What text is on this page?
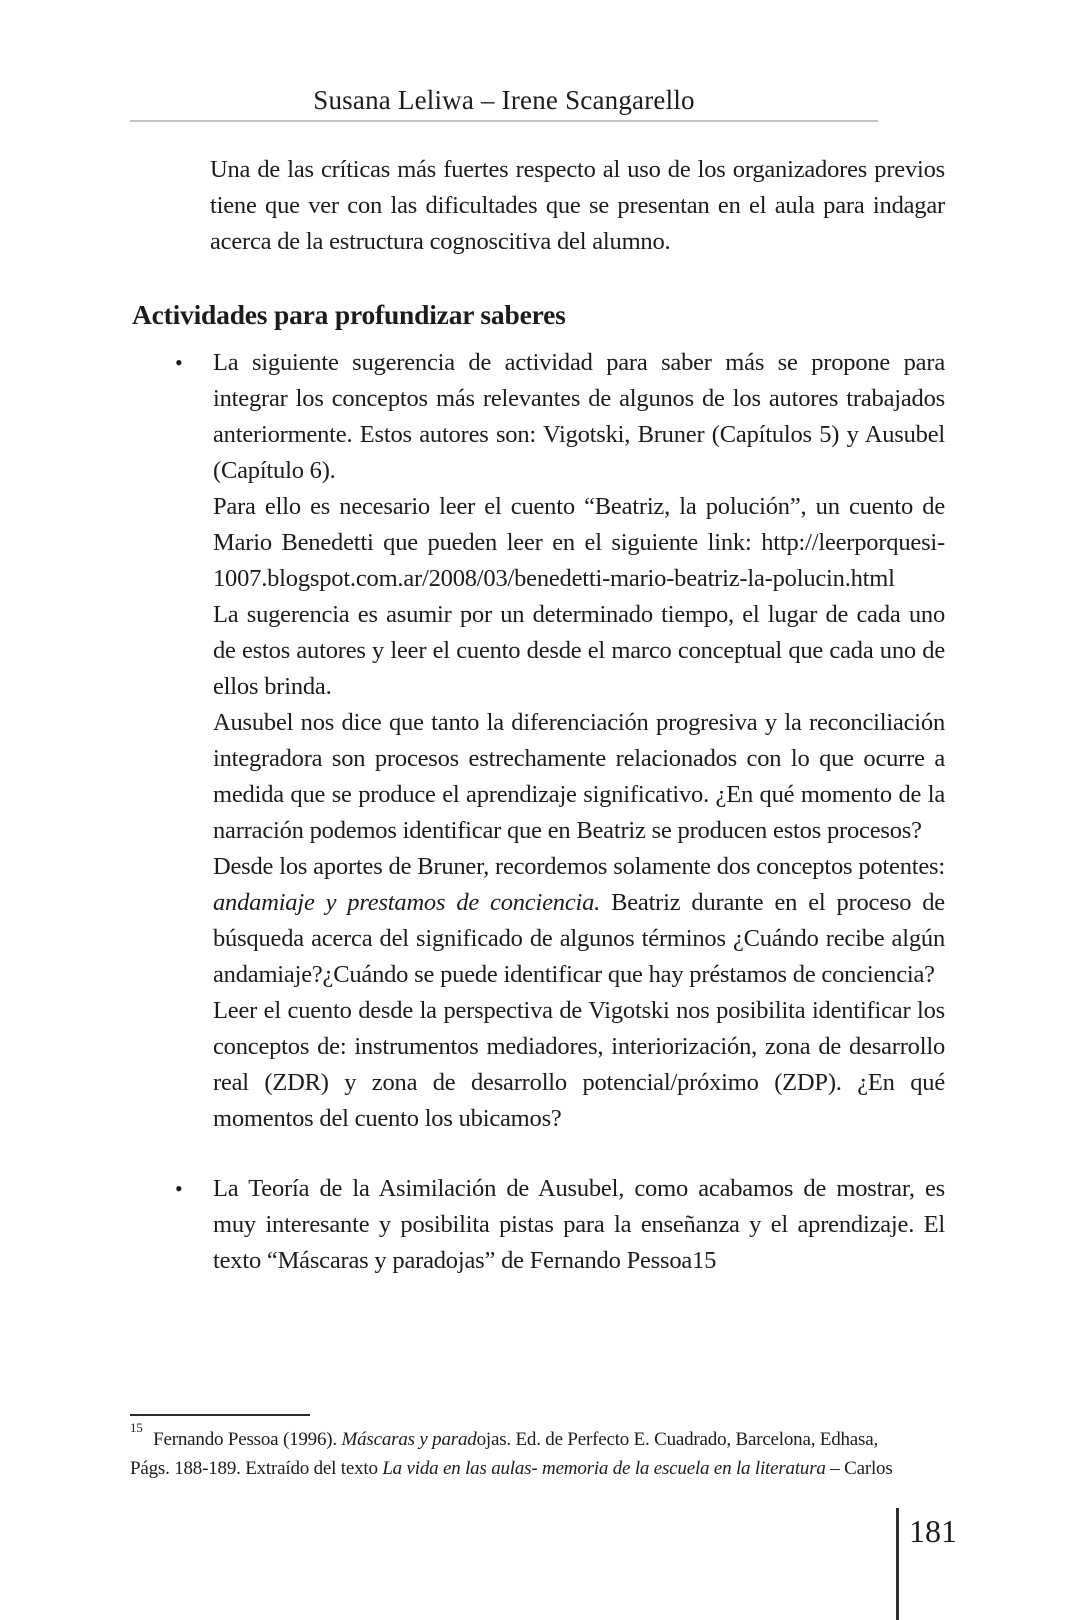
Susana Leliwa – Irene Scangarello

Una de las críticas más fuertes respecto al uso de los organizadores previos tiene que ver con las dificultades que se presentan en el aula para indagar acerca de la estructura cognoscitiva del alumno.

Actividades para profundizar saberes
•	La siguiente sugerencia de actividad para saber más se propone para integrar los conceptos más relevantes de algunos de los autores trabajados anteriormente. Estos autores son: Vigotski, Bruner (Capítulos 5) y Ausubel (Capítulo 6).

Para ello es necesario leer el cuento “Beatriz, la polución”, un cuento de Mario Benedetti que pueden leer en el siguiente link: http://leerporquesi-1007.blogspot.com.ar/2008/03/benedetti-mario-beatriz-la-polucin.html

La sugerencia es asumir por un determinado tiempo, el lugar de cada uno de estos autores y leer el cuento desde el marco conceptual que cada uno de ellos brinda.

Ausubel nos dice que tanto la diferenciación progresiva y la reconciliación integradora son procesos estrechamente relacionados con lo que ocurre a medida que se produce el aprendizaje significativo. ¿En qué momento de la narración podemos identificar que en Beatriz se producen estos procesos?

Desde los aportes de Bruner, recordemos solamente dos conceptos potentes: andamiaje y prestamos de conciencia. Beatriz durante en el proceso de búsqueda acerca del significado de algunos términos ¿Cuándo recibe algún andamiaje?¿Cuándo se puede identificar que hay préstamos de conciencia?

Leer el cuento desde la perspectiva de Vigotski nos posibilita identificar los conceptos de: instrumentos mediadores, interiorización, zona de desarrollo real (ZDR) y zona de desarrollo potencial/próximo (ZDP). ¿En qué momentos del cuento los ubicamos?

•	La Teoría de la Asimilación de Ausubel, como acabamos de mostrar, es muy interesante y posibilita pistas para la enseñanza y el aprendizaje. El texto “Máscaras y paradojas” de Fernando Pessoa15

$^{15}$ Fernando Pessoa (1996). Máscaras y paradojas. Ed. de Perfecto E. Cuadrado, Barcelona, Edhasa,
Págs. 188-189. Extraído del texto La vida en las aulas- memoria de la escuela en la literatura – Carlos

181
